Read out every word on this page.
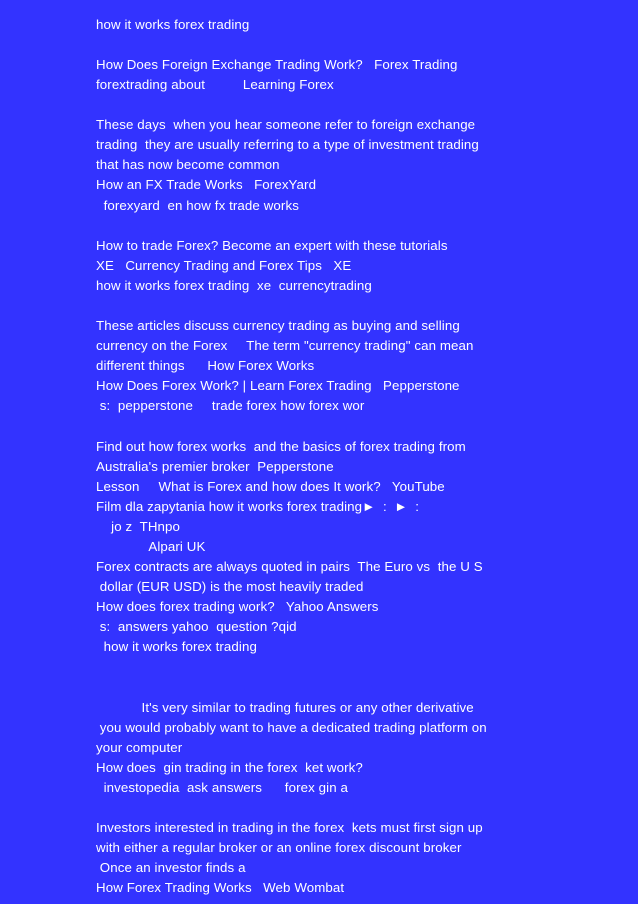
how it works forex trading
How Does Foreign Exchange Trading Work?   Forex Trading
forextrading about          Learning Forex
These days  when you hear someone refer to foreign exchange
trading  they are usually referring to a type of investment trading
that has now become common
How an FX Trade Works   ForexYard
forexyard  en how fx trade works
How to trade Forex? Become an expert with these tutorials
XE   Currency Trading and Forex Tips   XE
how it works forex trading  xe  currencytrading
These articles discuss currency trading as buying and selling
currency on the Forex     The term "currency trading" can mean
different things      How Forex Works
How Does Forex Work? | Learn Forex Trading   Pepperstone
s:  pepperstone     trade forex how forex wor
Find out how forex works  and the basics of forex trading from
Australia's premier broker  Pepperstone
Lesson     What is Forex and how does It work?   YouTube
Film dla zapytania how it works forex trading►  :  ►  :
jo z  THnpo
Alpari UK
Forex contracts are always quoted in pairs  The Euro vs  the U S
dollar (EUR USD) is the most heavily traded
How does forex trading work?   Yahoo Answers
s:  answers yahoo  question ?qid
how it works forex trading
It's very similar to trading futures or any other derivative
you would probably want to have a dedicated trading platform on
your computer
How does  gin trading in the forex  ket work?
investopedia  ask answers      forex gin a
Investors interested in trading in the forex  kets must first sign up
with either a regular broker or an online forex discount broker
Once an investor finds a
How Forex Trading Works   Web Wombat
